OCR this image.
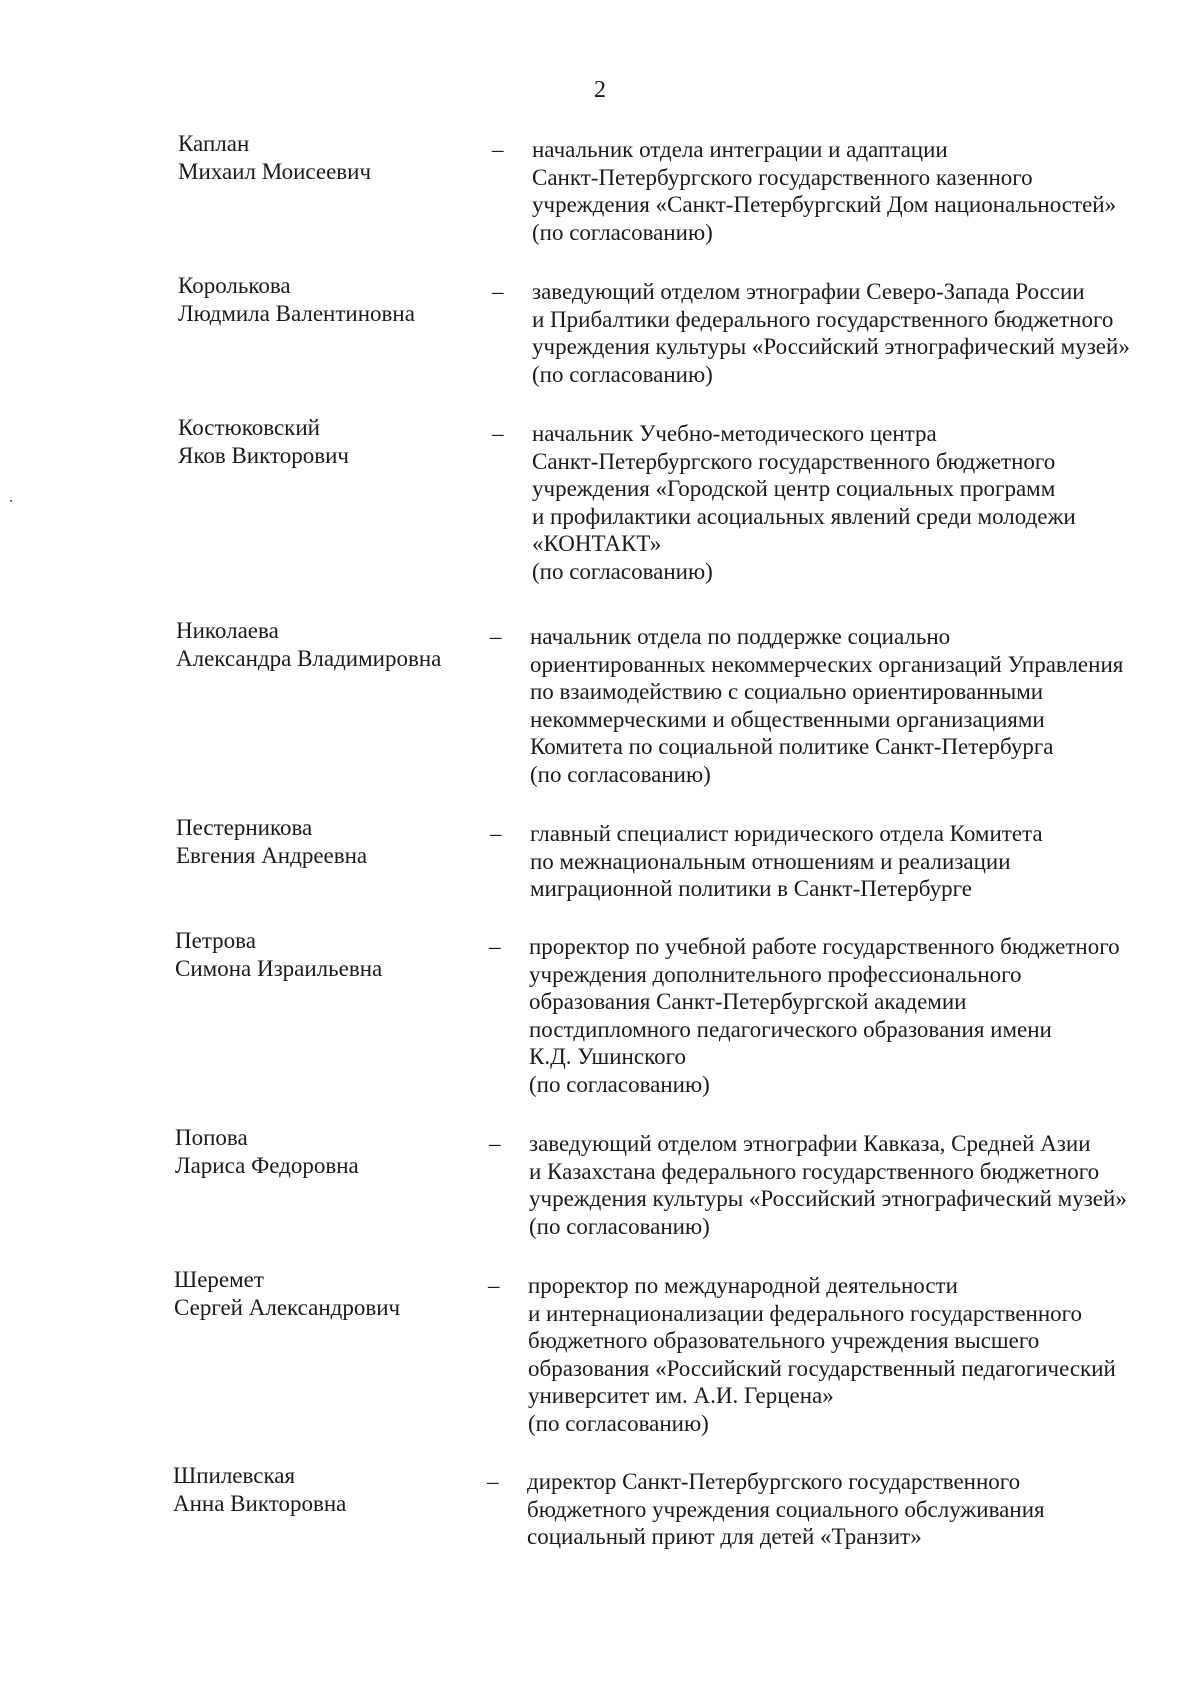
2
Каплан
Михаил Моисеевич
– начальник отдела интеграции и адаптации
Санкт-Петербургского государственного казенного
учреждения «Санкт-Петербургский Дом национальностей»
(по согласованию)
Королькова
Людмила Валентиновна
– заведующий отделом этнографии Северо-Запада России
и Прибалтики федерального государственного бюджетного
учреждения культуры «Российский этнографический музей»
(по согласованию)
Костюковский
Яков Викторович
– начальник Учебно-методического центра
Санкт-Петербургского государственного бюджетного
учреждения «Городской центр социальных программ
и профилактики асоциальных явлений среди молодежи
«КОНТАКТ»
(по согласованию)
Николаева
Александра Владимировна
– начальник отдела по поддержке социально
ориентированных некоммерческих организаций Управления
по взаимодействию с социально ориентированными
некоммерческими и общественными организациями
Комитета по социальной политике Санкт-Петербурга
(по согласованию)
Пестерникова
Евгения Андреевна
– главный специалист юридического отдела Комитета
по межнациональным отношениям и реализации
миграционной политики в Санкт-Петербурге
Петрова
Симона Израильевна
– проректор по учебной работе государственного бюджетного
учреждения дополнительного профессионального
образования Санкт-Петербургской академии
постдипломного педагогического образования имени
К.Д. Ушинского
(по согласованию)
Попова
Лариса Федоровна
– заведующий отделом этнографии Кавказа, Средней Азии
и Казахстана федерального государственного бюджетного
учреждения культуры «Российский этнографический музей»
(по согласованию)
Шеремет
Сергей Александрович
– проректор по международной деятельности
и интернационализации федерального государственного
бюджетного образовательного учреждения высшего
образования «Российский государственный педагогический
университет им. А.И. Герцена»
(по согласованию)
Шпилевская
Анна Викторовна
– директор Санкт-Петербургского государственного
бюджетного учреждения социального обслуживания
социальный приют для детей «Транзит»
